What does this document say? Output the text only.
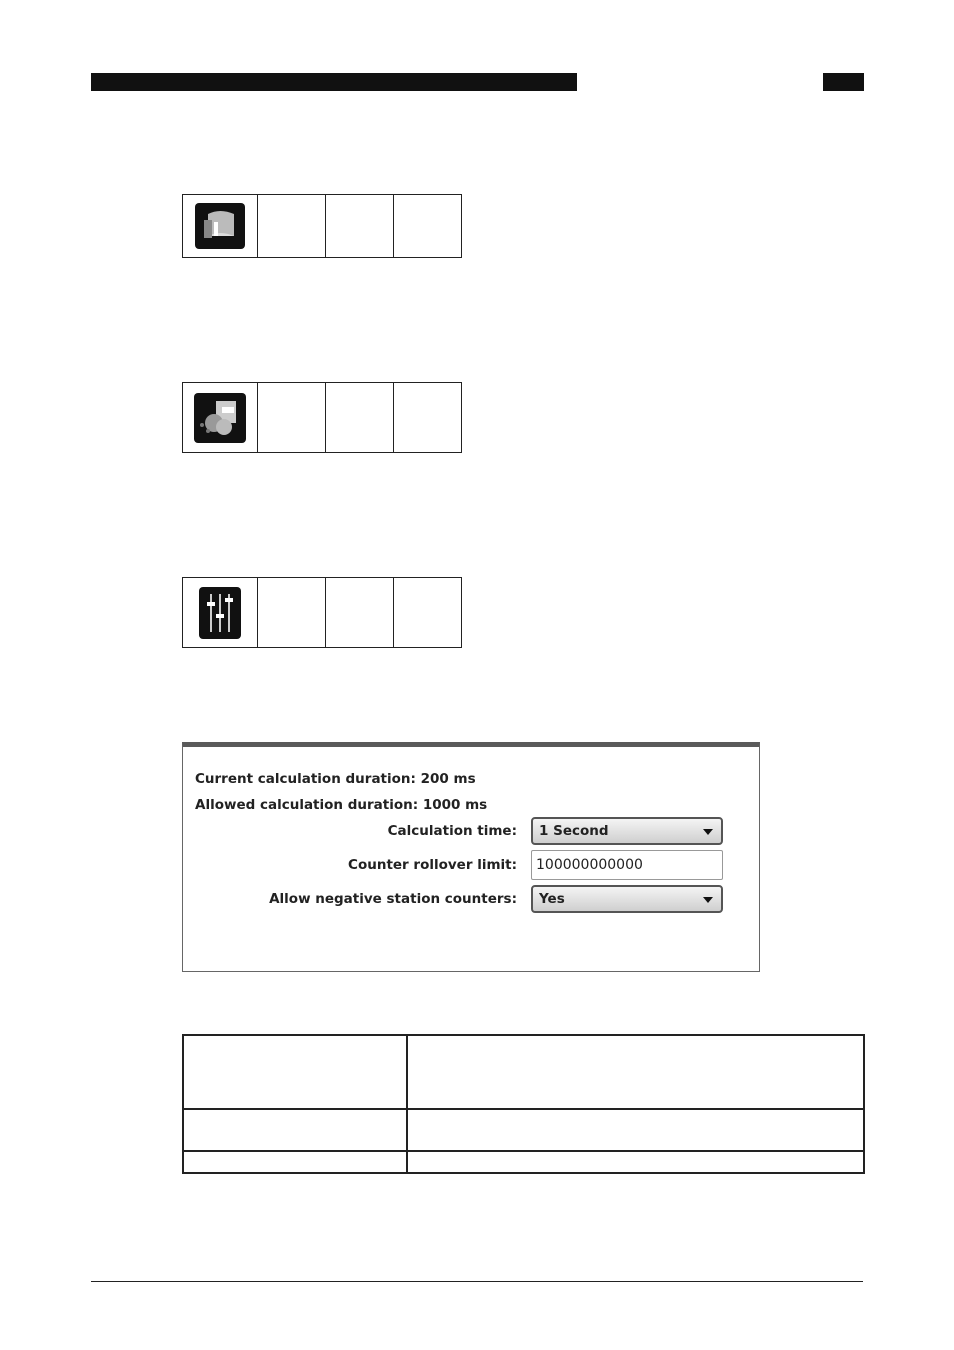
Current calculation duration: 200 ms
Allowed calculation duration: 1000 ms
Calculation time: 1 Second
Counter rollover limit:	100000000000
Allow negative station counters: Yes
